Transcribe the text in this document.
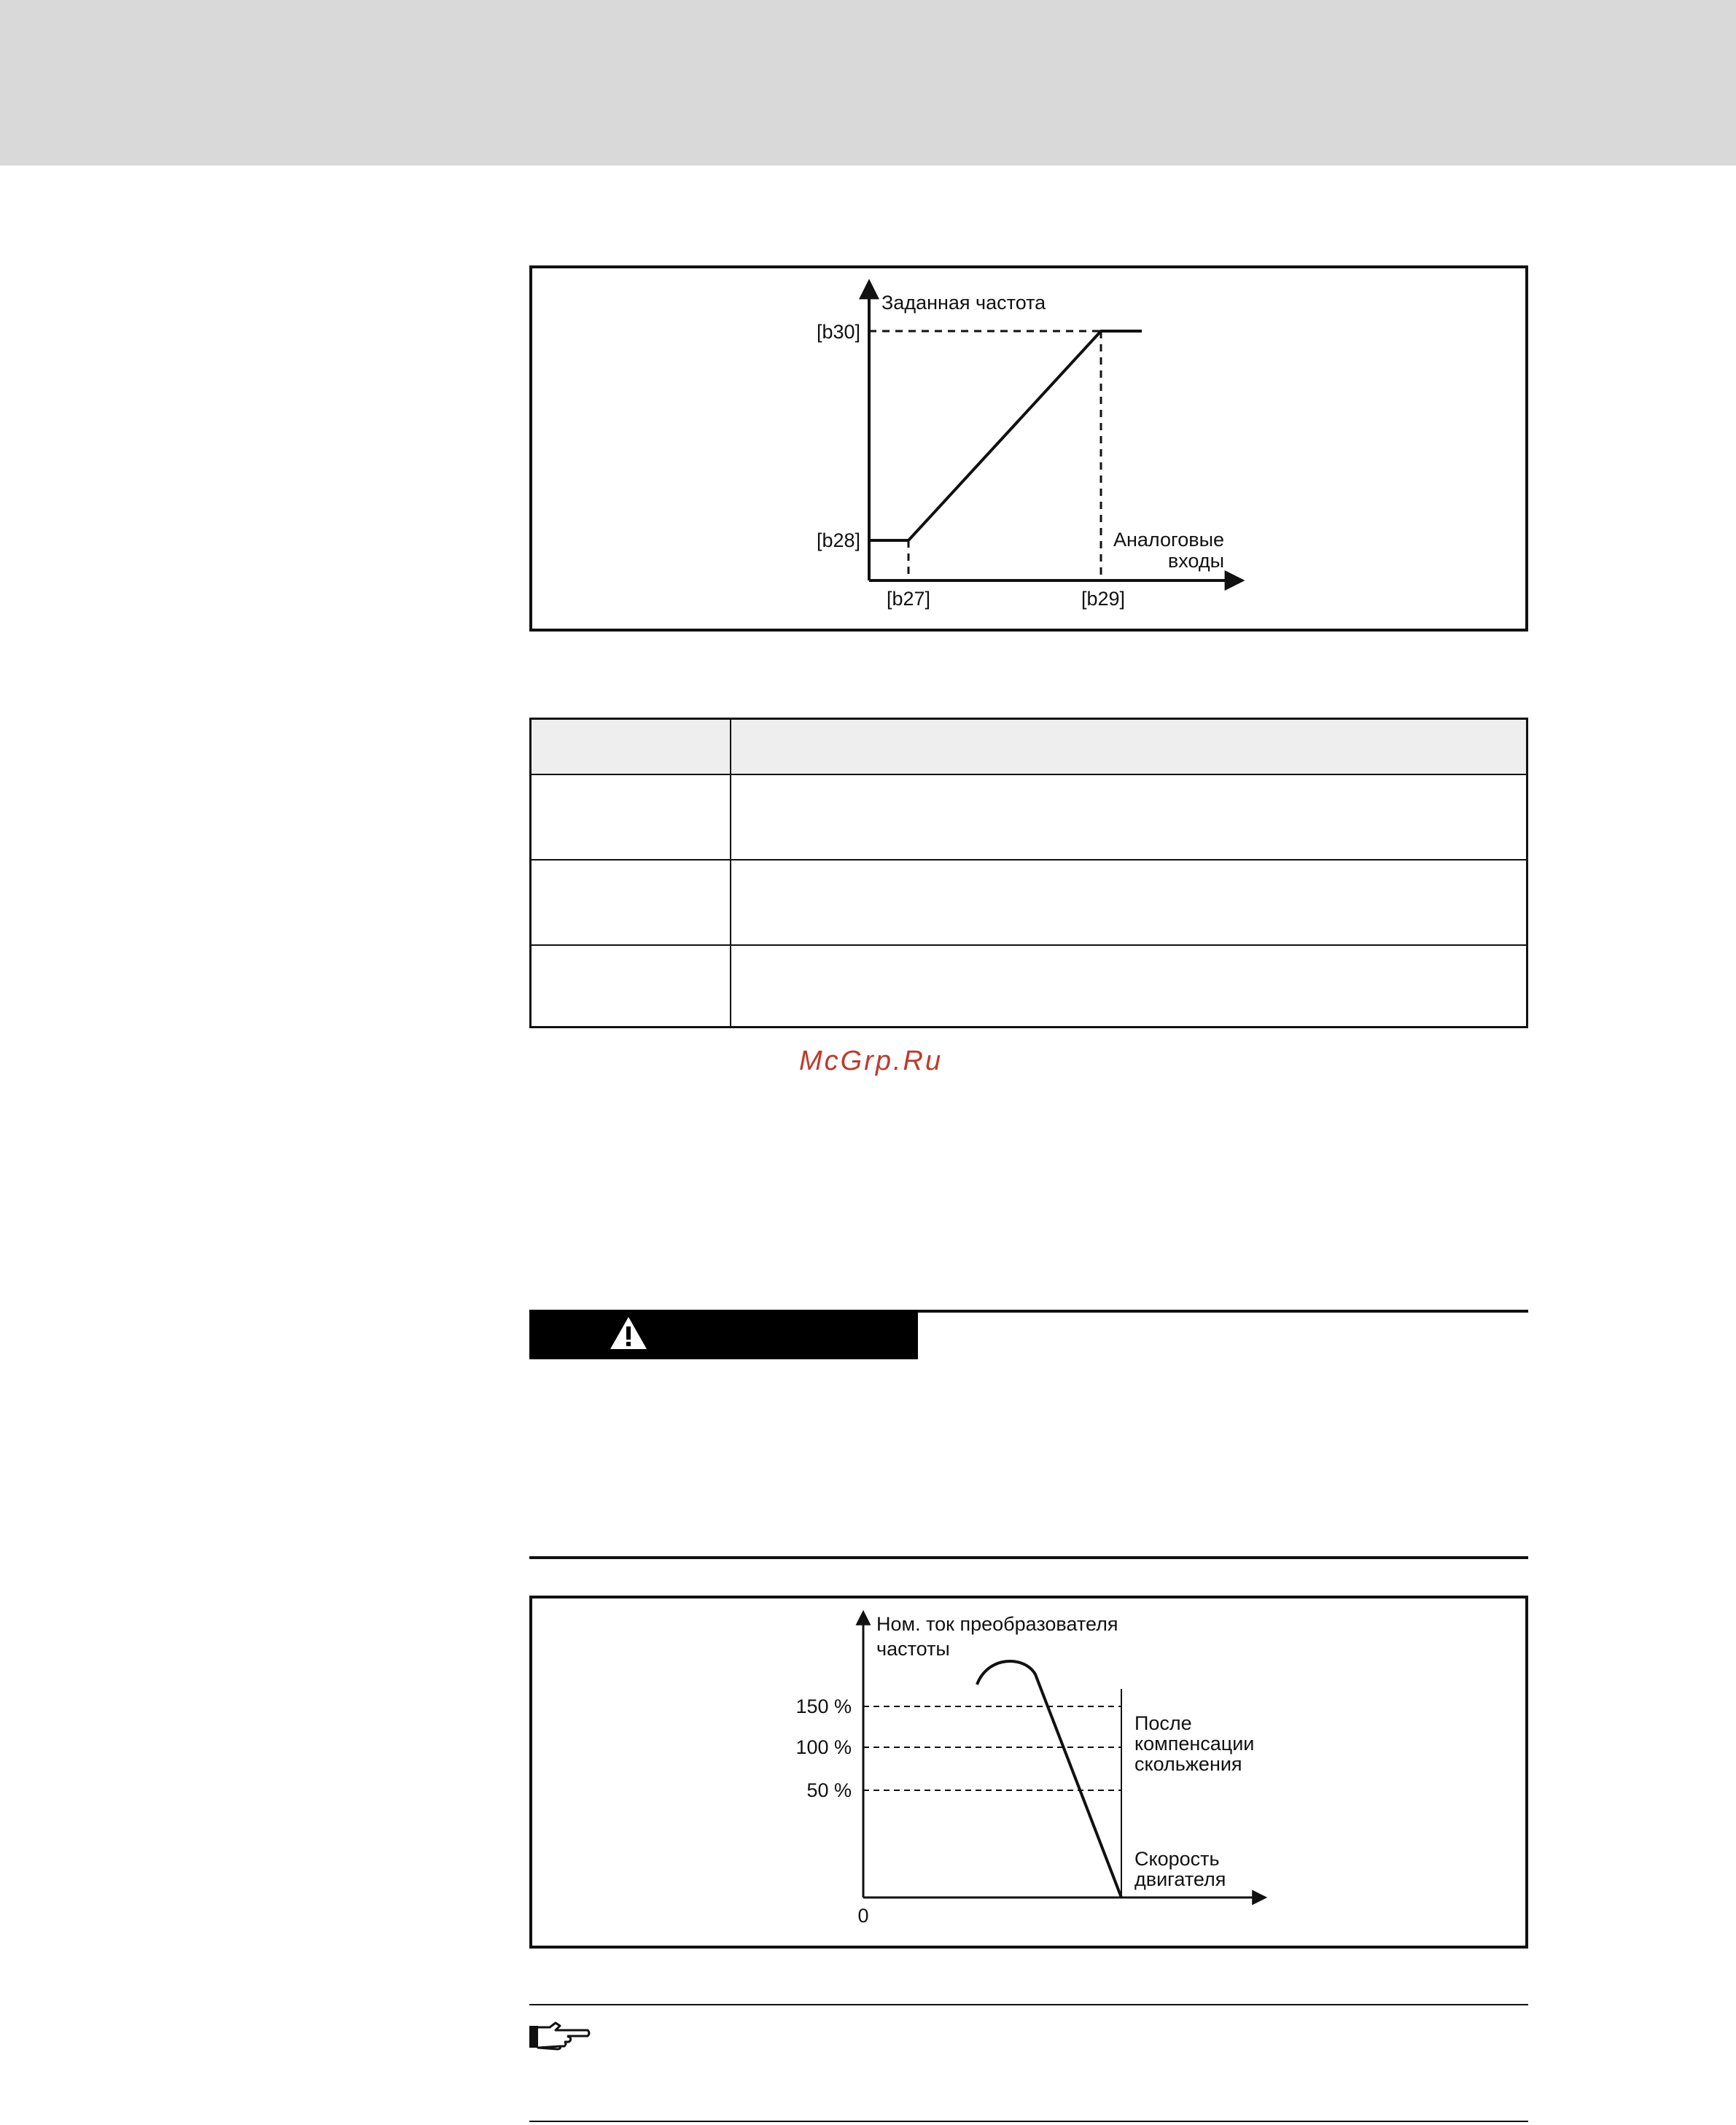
Заданная частота
[b30]
[b28]
[b27]	[b29]
Аналоговые
входы
McGrp.Ru
Ном. ток преобразователя
частоты
150 %
100 %
50 %
0
После
компенсации
скольжения
Скорость
двигателя
